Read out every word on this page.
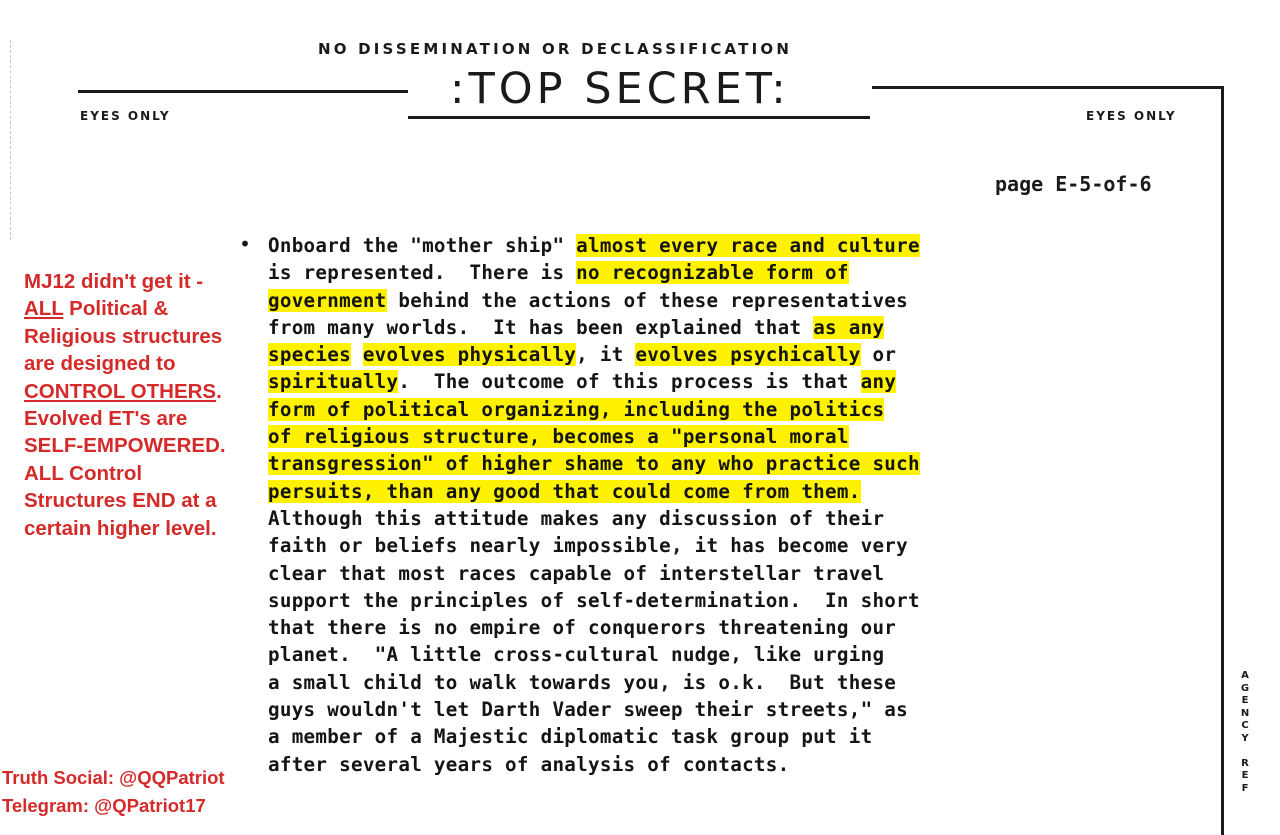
NO DISSEMINATION OR DECLASSIFICATION
:TOP SECRET:
EYES ONLY	EYES ONLY
page E-5-of-6
• Onboard the "mother ship" almost every race and culture
is represented.  There is no recognizable form of
government behind the actions of these representatives
from many worlds.  It has been explained that as any
species evolves physically, it evolves psychically or
spiritually.  The outcome of this process is that any
form of political organizing, including the politics
of religious structure, becomes a "personal moral
transgression" of higher shame to any who practice such
persuits, than any good that could come from them.
Although this attitude makes any discussion of their
faith or beliefs nearly impossible, it has become very
clear that most races capable of interstellar travel
support the principles of self-determination.  In short
that there is no empire of conquerors threatening our
planet.  "A little cross-cultural nudge, like urging
a small child to walk towards you, is o.k.  But these
guys wouldn't let Darth Vader sweep their streets," as
a member of a Majestic diplomatic task group put it
after several years of analysis of contacts.
MJ12 didn't get it -
ALL Political &
Religious structures
are designed to
CONTROL OTHERS.
Evolved ET's are
SELF-EMPOWERED.
ALL Control
Structures END at a
certain higher level.
Truth Social: @QQPatriot
Telegram: @QPatriot17
A
G
E
N
C
Y

R
E
F
